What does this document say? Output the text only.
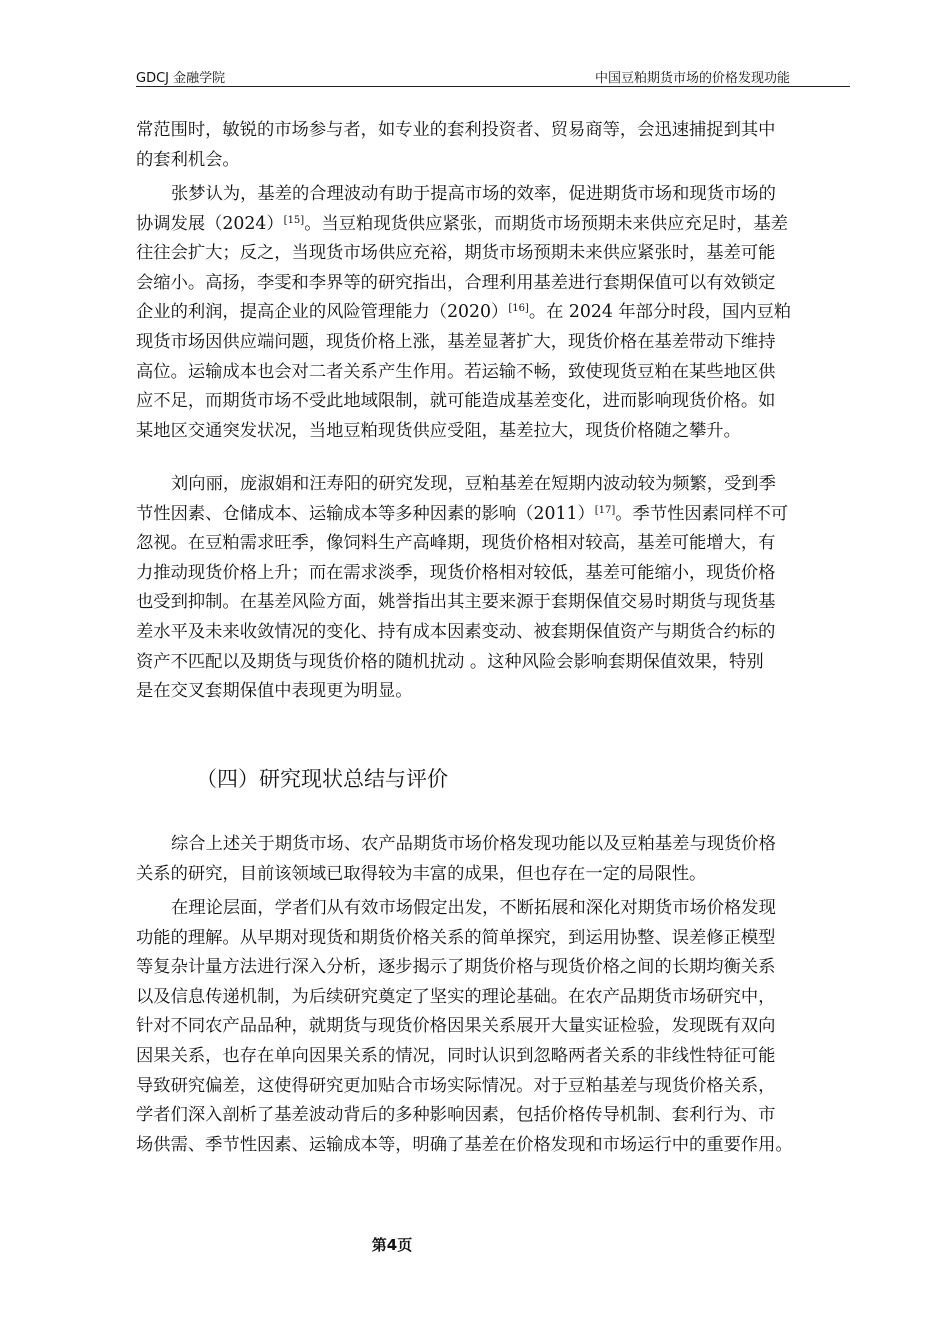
GDCJ 金融学院	中国豆粕期货市场的价格发现功能
常范围时，敏锐的市场参与者，如专业的套利投资者、贸易商等，会迅速捕捉到其中
的套利机会。
张梦认为，基差的合理波动有助于提高市场的效率，促进期货市场和现货市场的
协调发展（2024）[15]。当豆粕现货供应紧张，而期货市场预期未来供应充足时，基差
往往会扩大；反之，当现货市场供应充裕，期货市场预期未来供应紧张时，基差可能
会缩小。高扬，李雯和李界等的研究指出，合理利用基差进行套期保值可以有效锁定
企业的利润，提高企业的风险管理能力（2020）[16]。在 2024 年部分时段，国内豆粕
现货市场因供应端问题，现货价格上涨，基差显著扩大，现货价格在基差带动下维持
高位。运输成本也会对二者关系产生作用。若运输不畅，致使现货豆粕在某些地区供
应不足，而期货市场不受此地域限制，就可能造成基差变化，进而影响现货价格。如
某地区交通突发状况，当地豆粕现货供应受阻，基差拉大，现货价格随之攀升。
刘向丽，庞淑娟和汪寿阳的研究发现，豆粕基差在短期内波动较为频繁，受到季
节性因素、仓储成本、运输成本等多种因素的影响（2011）[17]。季节性因素同样不可
忽视。在豆粕需求旺季，像饲料生产高峰期，现货价格相对较高，基差可能增大，有
力推动现货价格上升；而在需求淡季，现货价格相对较低，基差可能缩小，现货价格
也受到抑制。在基差风险方面，姚誉指出其主要来源于套期保值交易时期货与现货基
差水平及未来收敛情况的变化、持有成本因素变动、被套期保值资产与期货合约标的
资产不匹配以及期货与现货价格的随机扰动 。这种风险会影响套期保值效果，特别
是在交叉套期保值中表现更为明显。
（四）研究现状总结与评价
综合上述关于期货市场、农产品期货市场价格发现功能以及豆粕基差与现货价格
关系的研究，目前该领域已取得较为丰富的成果，但也存在一定的局限性。
在理论层面，学者们从有效市场假定出发，不断拓展和深化对期货市场价格发现
功能的理解。从早期对现货和期货价格关系的简单探究，到运用协整、误差修正模型
等复杂计量方法进行深入分析，逐步揭示了期货价格与现货价格之间的长期均衡关系
以及信息传递机制，为后续研究奠定了坚实的理论基础。在农产品期货市场研究中，
针对不同农产品品种，就期货与现货价格因果关系展开大量实证检验，发现既有双向
因果关系，也存在单向因果关系的情况，同时认识到忽略两者关系的非线性特征可能
导致研究偏差，这使得研究更加贴合市场实际情况。对于豆粕基差与现货价格关系，
学者们深入剖析了基差波动背后的多种影响因素，包括价格传导机制、套利行为、市
场供需、季节性因素、运输成本等，明确了基差在价格发现和市场运行中的重要作用。
第4页
